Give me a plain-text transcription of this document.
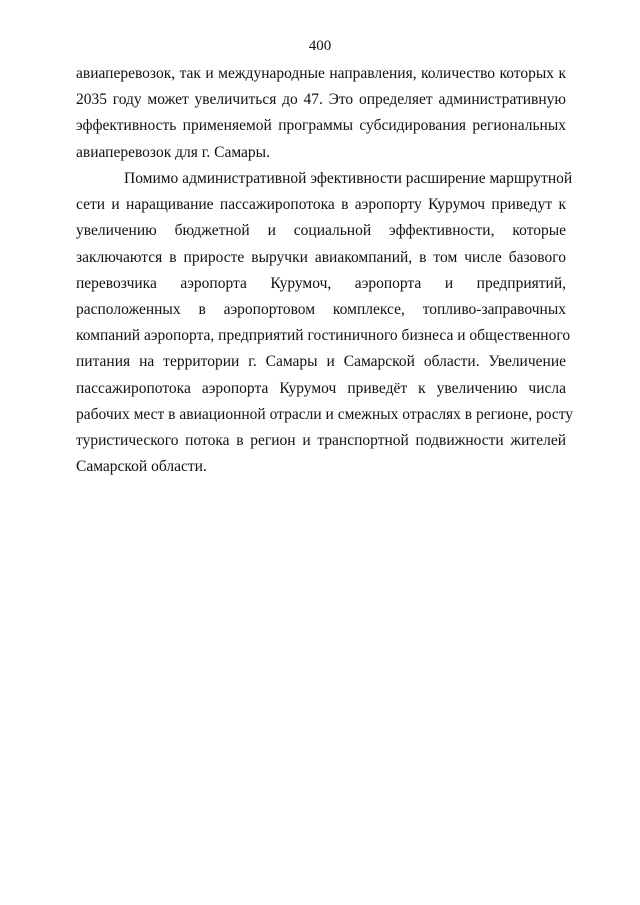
400
авиаперевозок, так и международные направления, количество которых к
2035 году может увеличиться до 47. Это определяет административную
эффективность применяемой программы субсидирования региональных
авиаперевозок для г. Самары.
Помимо административной эфективности расширение маршрутной
сети и наращивание пассажиропотока в аэропорту Курумоч приведут к
увеличению бюджетной и социальной эффективности, которые
заключаются в приросте выручки авиакомпаний, в том числе базового
перевозчика аэропорта Курумоч, аэропорта и предприятий,
расположенных в аэропортовом комплексе, топливо-заправочных
компаний аэропорта, предприятий гостиничного бизнеса и общественного
питания на территории г. Самары и Самарской области. Увеличение
пассажиропотока аэропорта Курумоч приведёт к увеличению числа
рабочих мест в авиационной отрасли и смежных отраслях в регионе, росту
туристического потока в регион и транспортной подвижности жителей
Самарской области.
